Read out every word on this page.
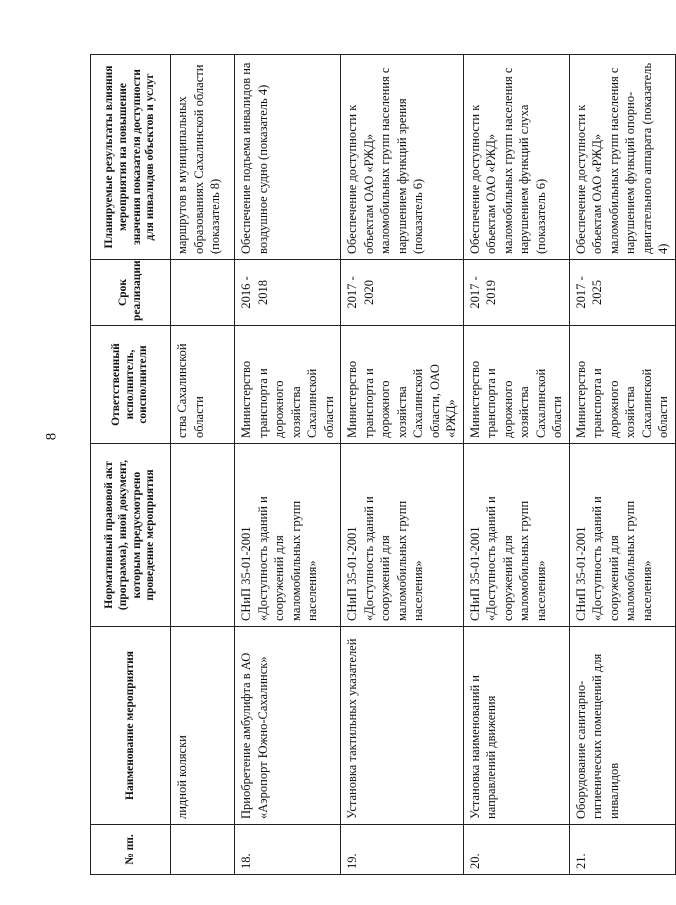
8
№ пп.	Наименование мероприятия	Нормативный правовой акт (программа), иной документ, которым предусмотрено проведение мероприятия	Ответственный исполнитель, соисполнители	Срок реализации	Планируемые результаты влияния мероприятия на повышение значения показателя доступности для инвалидов объектов и услуг
	лидной коляски		ства Сахалинской области		маршрутов в муниципальных образованиях Сахалинской области (показатель 8)
18.	Приобретение амбулифта в АО «Аэропорт Южно-Сахалинск»	СНиП 35-01-2001 «Доступность зданий и сооружений для маломобильных групп населения»	Министерство транспорта и дорожного хозяйства Сахалинской области	2016 - 2018	Обеспечение подъема инвалидов на воздушное судно (показатель 4)
19.	Установка тактильных указателей	СНиП 35-01-2001 «Доступность зданий и сооружений для маломобильных групп населения»	Министерство транспорта и дорожного хозяйства Сахалинской области, ОАО «РЖД»	2017 - 2020	Обеспечение доступности к объектам ОАО «РЖД» маломобильных групп населения с нарушением функций зрения (показатель 6)
20.	Установка наименований и направлений движения	СНиП 35-01-2001 «Доступность зданий и сооружений для маломобильных групп населения»	Министерство транспорта и дорожного хозяйства Сахалинской области	2017 - 2019	Обеспечение доступности к объектам ОАО «РЖД» маломобильных групп населения с нарушением функций слуха (показатель 6)
21.	Оборудование санитарно-гигиенических помещений для инвалидов	СНиП 35-01-2001 «Доступность зданий и сооружений для маломобильных групп населения»	Министерство транспорта и дорожного хозяйства Сахалинской области	2017 - 2025	Обеспечение доступности к объектам ОАО «РЖД» маломобильных групп населения с нарушением функций опорно-двигательного аппарата (показатель 4)
